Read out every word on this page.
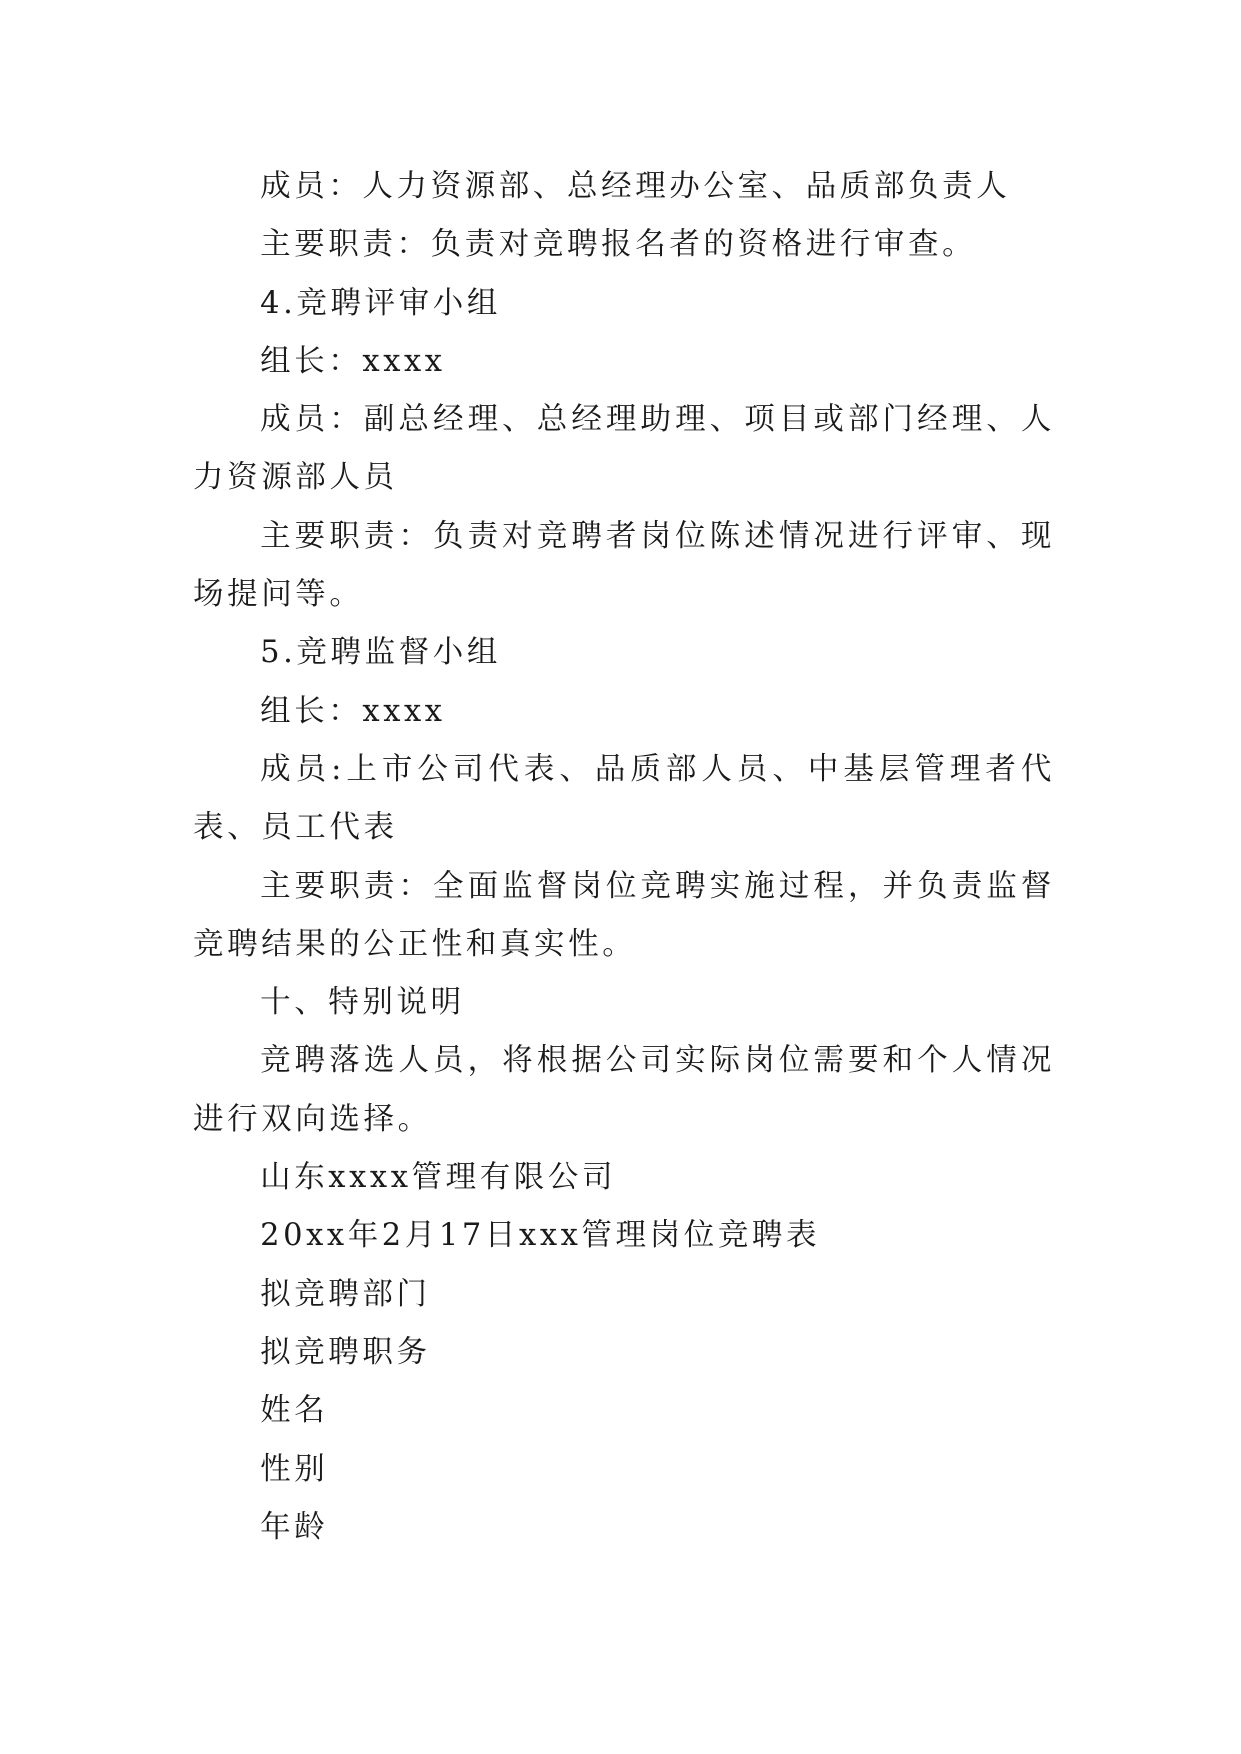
成员：人力资源部、总经理办公室、品质部负责人

主要职责：负责对竞聘报名者的资格进行审查。

4.竞聘评审小组

组长：xxxx

成员：副总经理、总经理助理、项目或部门经理、人力资源部人员

主要职责：负责对竞聘者岗位陈述情况进行评审、现场提问等。

5.竞聘监督小组

组长：xxxx

成员:上市公司代表、品质部人员、中基层管理者代表、员工代表

主要职责：全面监督岗位竞聘实施过程，并负责监督竞聘结果的公正性和真实性。

十、特别说明

竞聘落选人员，将根据公司实际岗位需要和个人情况进行双向选择。

山东xxxx管理有限公司

20xx年2月17日xxx管理岗位竞聘表

拟竞聘部门

拟竞聘职务

姓名

性别

年龄
